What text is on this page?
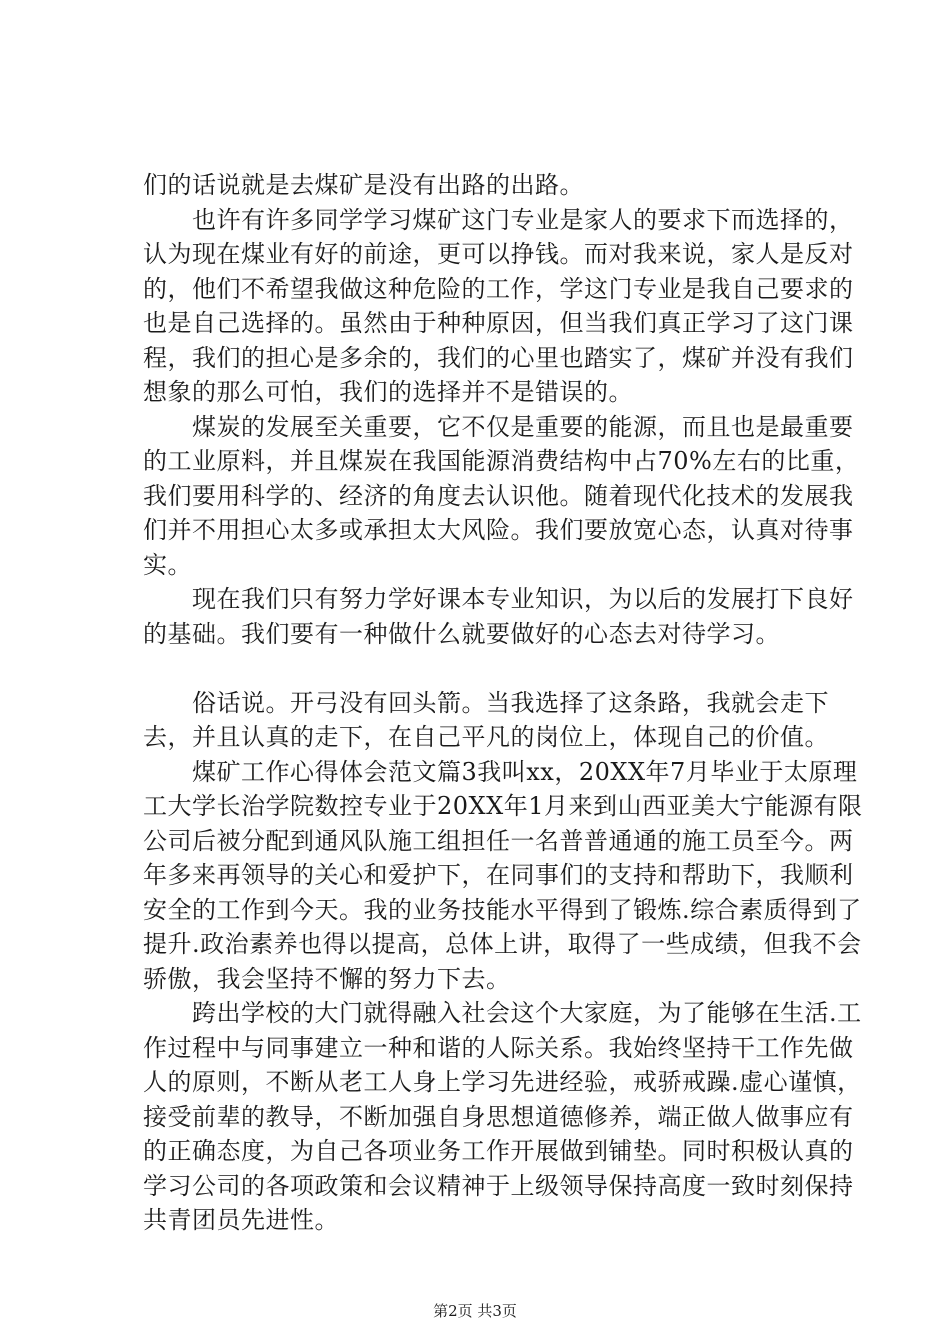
们的话说就是去煤矿是没有出路的出路。

　　也许有许多同学学习煤矿这门专业是家人的要求下而选择的，认为现在煤业有好的前途，更可以挣钱。而对我来说，家人是反对的，他们不希望我做这种危险的工作，学这门专业是我自己要求的也是自己选择的。虽然由于种种原因，但当我们真正学习了这门课程，我们的担心是多余的，我们的心里也踏实了，煤矿并没有我们想象的那么可怕，我们的选择并不是错误的。

　　煤炭的发展至关重要，它不仅是重要的能源，而且也是最重要的工业原料，并且煤炭在我国能源消费结构中占70%左右的比重，我们要用科学的、经济的角度去认识他。随着现代化技术的发展我们并不用担心太多或承担太大风险。我们要放宽心态，认真对待事实。

　　现在我们只有努力学好课本专业知识，为以后的发展打下良好的基础。我们要有一种做什么就要做好的心态去对待学习。

　　俗话说。开弓没有回头箭。当我选择了这条路，我就会走下去，并且认真的走下，在自己平凡的岗位上，体现自己的价值。

　　煤矿工作心得体会范文篇3我叫xx，20XX年7月毕业于太原理工大学长治学院数控专业于20XX年1月来到山西亚美大宁能源有限公司后被分配到通风队施工组担任一名普普通通的施工员至今。两年多来再领导的关心和爱护下，在同事们的支持和帮助下，我顺利安全的工作到今天。我的业务技能水平得到了锻炼.综合素质得到了提升.政治素养也得以提高，总体上讲，取得了一些成绩，但我不会骄傲，我会坚持不懈的努力下去。

　　跨出学校的大门就得融入社会这个大家庭，为了能够在生活.工作过程中与同事建立一种和谐的人际关系。我始终坚持干工作先做人的原则，不断从老工人身上学习先进经验，戒骄戒躁.虚心谨慎，接受前辈的教导，不断加强自身思想道德修养，端正做人做事应有的正确态度，为自己各项业务工作开展做到铺垫。同时积极认真的学习公司的各项政策和会议精神于上级领导保持高度一致时刻保持共青团员先进性。

第2页 共3页
